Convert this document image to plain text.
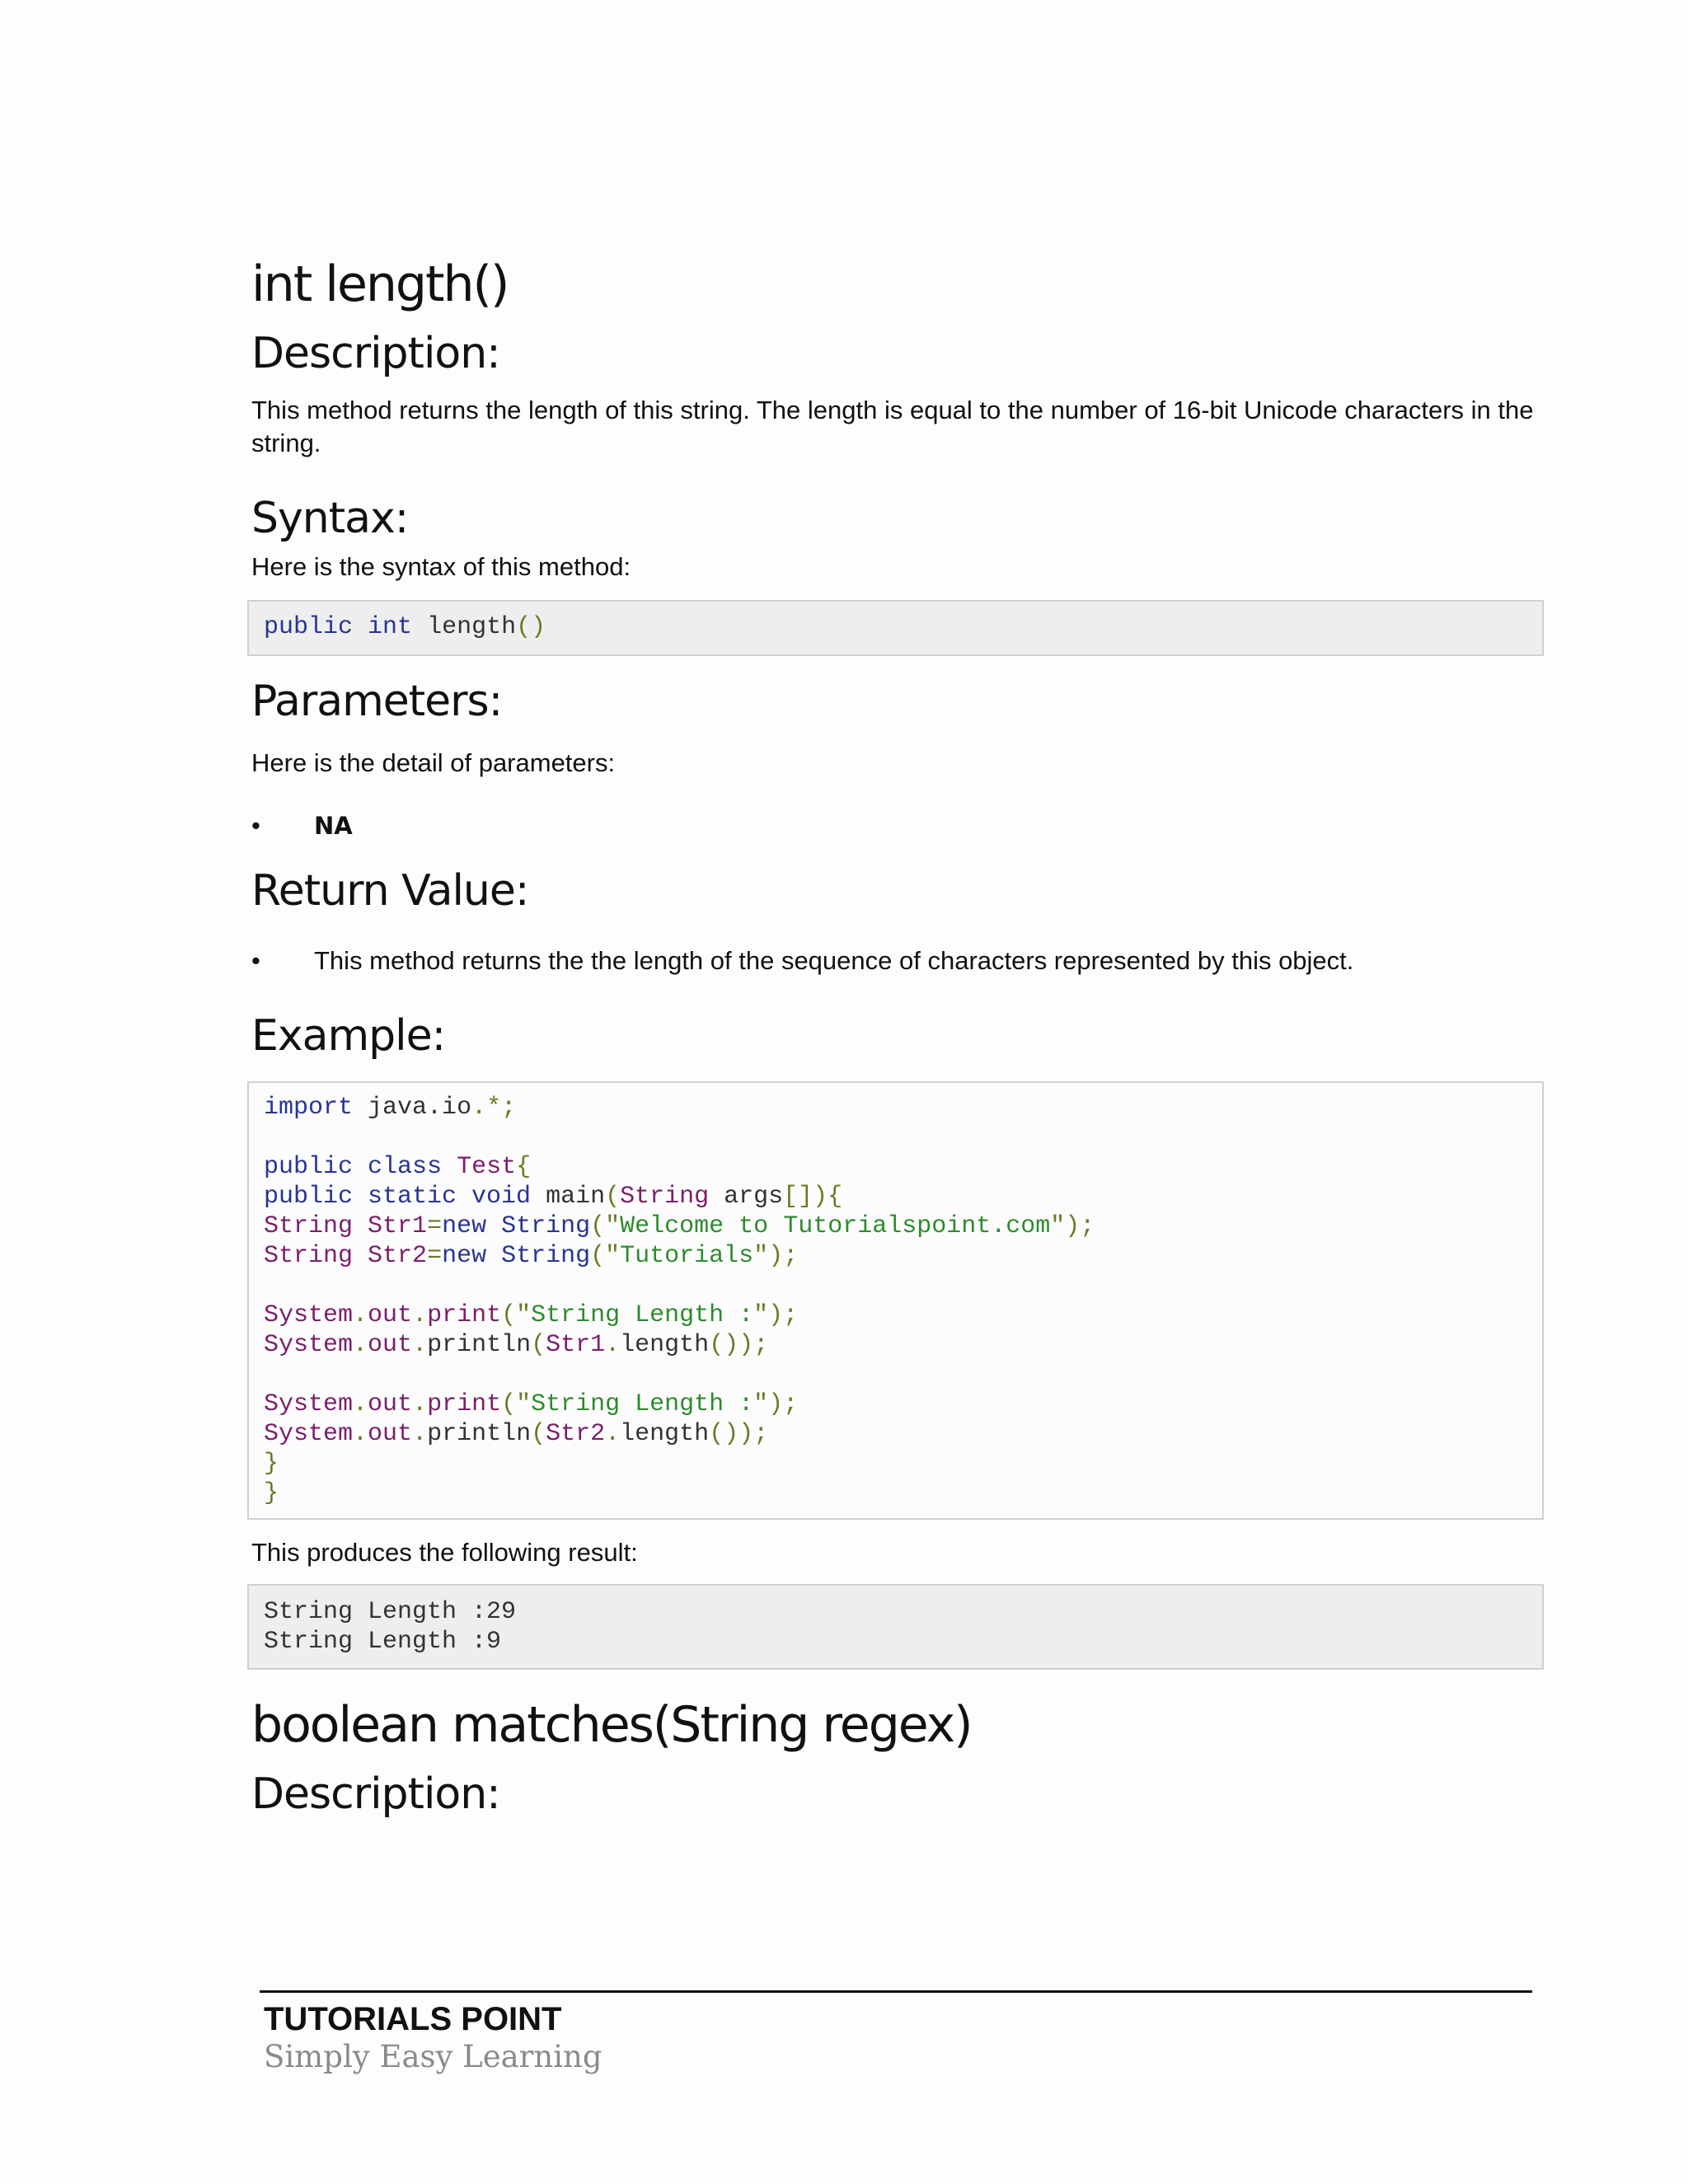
int length()
Description:

This method returns the length of this string. The length is equal to the number of 16-bit Unicode characters in the string.

Syntax:

Here is the syntax of this method:

public int length()
Parameters:

Here is the detail of parameters:

• NA
Return Value:
• This method returns the the length of the sequence of characters represented by this object.
Example:
import java.io.*;

public class Test{
public static void main(String args[]){
String Str1=new String("Welcome to Tutorialspoint.com");
String Str2=new String("Tutorials");

System.out.print("String Length :");
System.out.println(Str1.length());

System.out.print("String Length :");
System.out.println(Str2.length());
}
}

This produces the following result:

String Length :29
String Length :9
boolean matches(String regex)
Description:
TUTORIALS POINT
Simply Easy Learning
